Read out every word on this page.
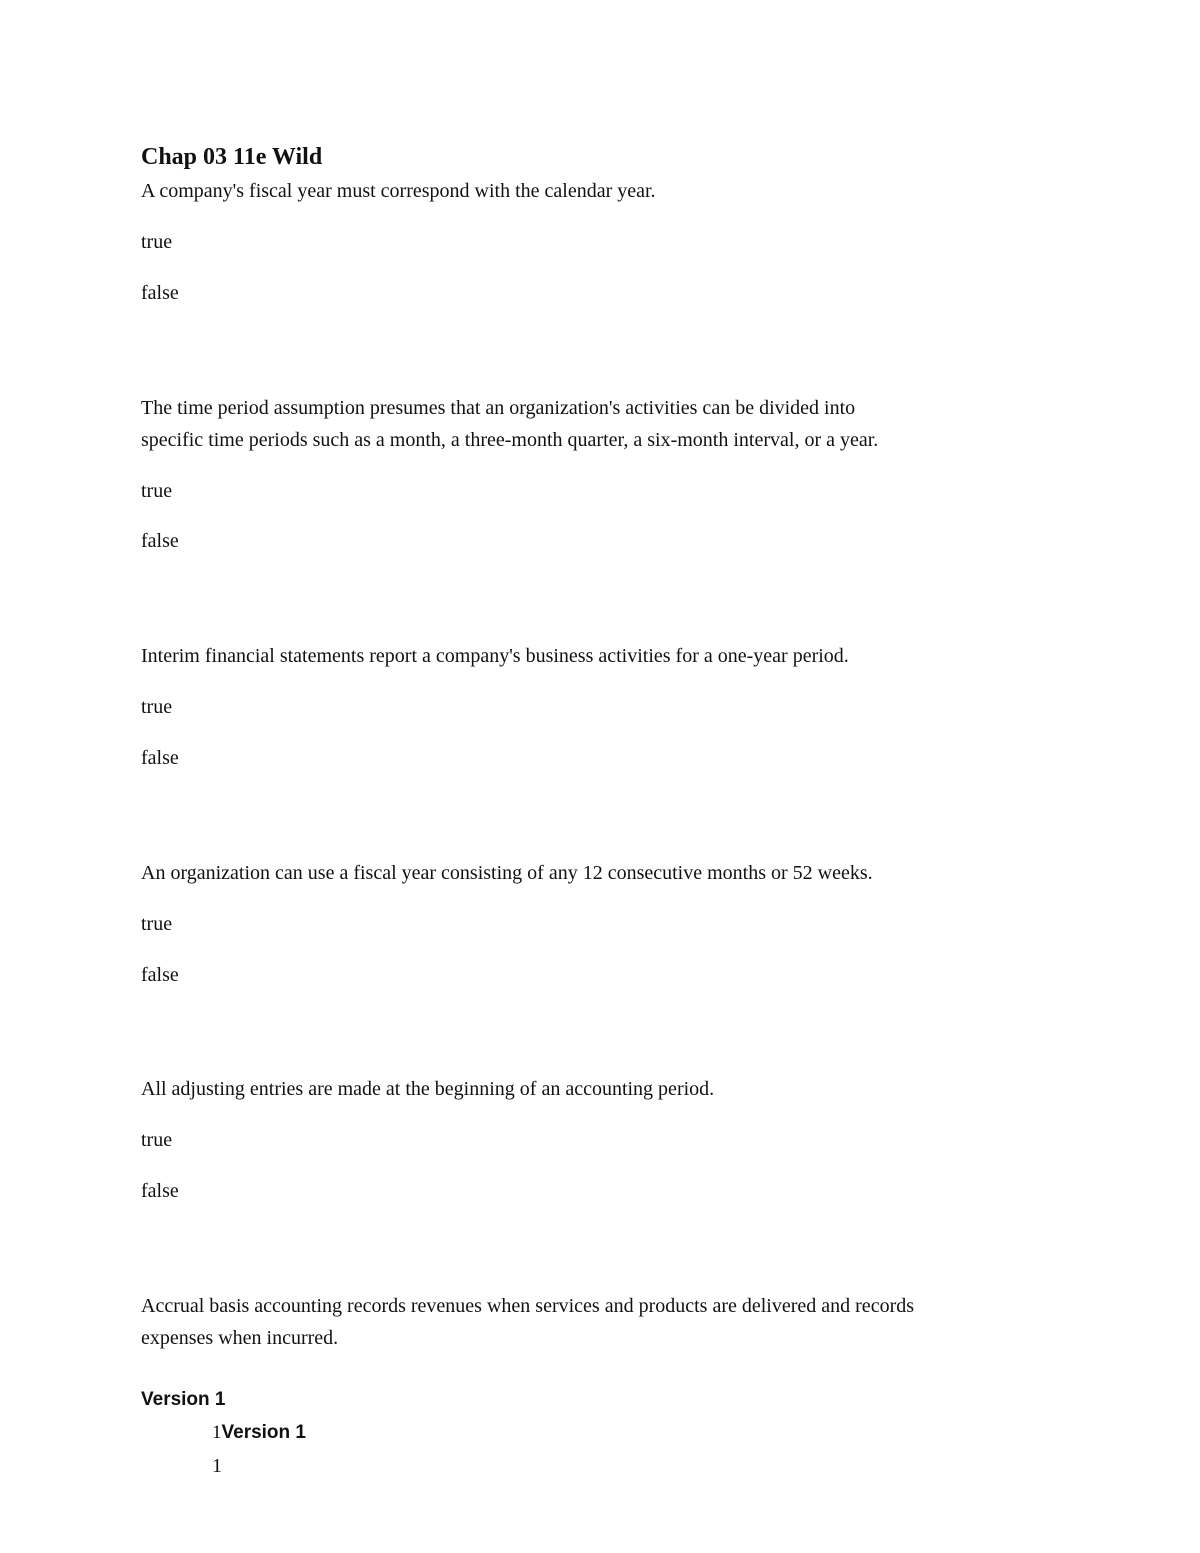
Chap 03 11e Wild
A company's fiscal year must correspond with the calendar year.
true
false
The time period assumption presumes that an organization's activities can be divided into
specific time periods such as a month, a three-month quarter, a six-month interval, or a year.
true
false
Interim financial statements report a company's business activities for a one-year period.
true
false
An organization can use a fiscal year consisting of any 12 consecutive months or 52 weeks.
true
false
All adjusting entries are made at the beginning of an accounting period.
true
false
Accrual basis accounting records revenues when services and products are delivered and records
expenses when incurred.
Version 1
1Version 1
1
